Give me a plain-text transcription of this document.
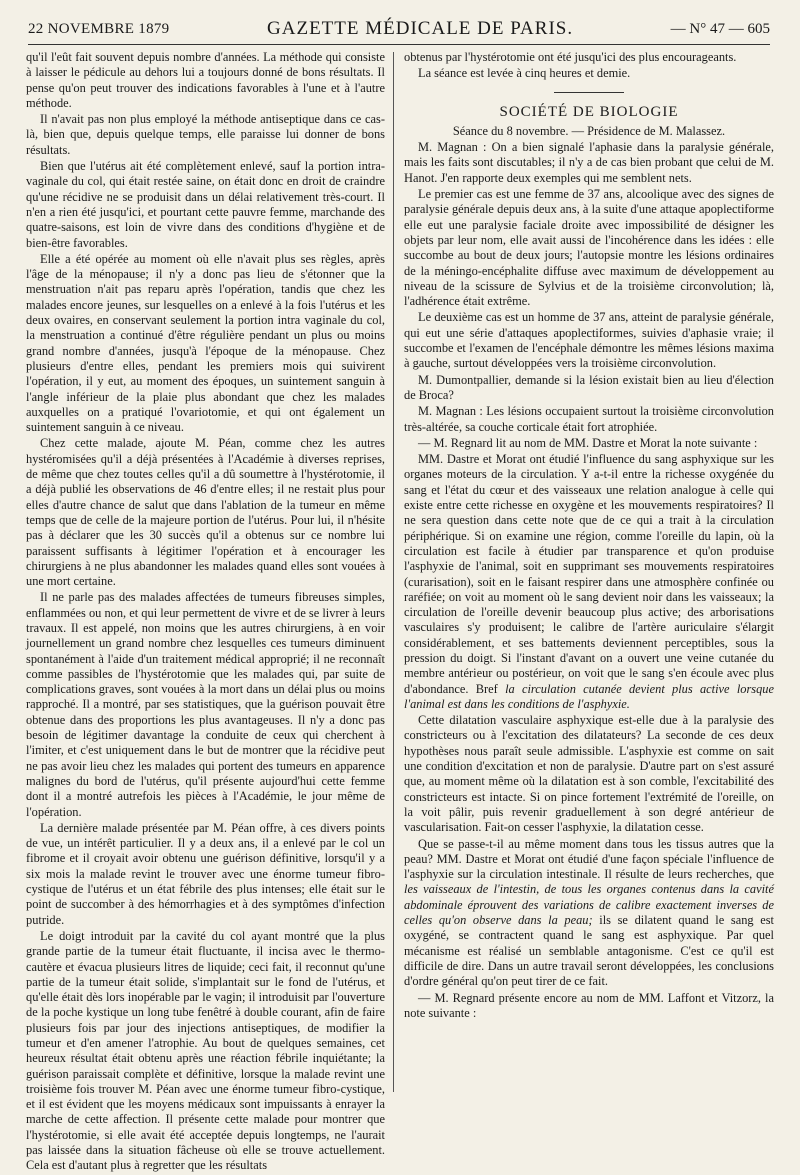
22 NOVEMBRE 1879	GAZETTE MÉDICALE DE PARIS.	— N° 47 — 605

qu'il l'eût fait souvent depuis nombre d'années. La méthode qui consiste à laisser le pédicule au dehors lui a toujours donné de bons résultats. Il pense qu'on peut trouver des indications favorables à l'une et à l'autre méthode.

Il n'avait pas non plus employé la méthode antiseptique dans ce cas-là, bien que, depuis quelque temps, elle paraisse lui donner de bons résultats.

Bien que l'utérus ait été complètement enlevé, sauf la portion intra-vaginale du col, qui était restée saine, on était donc en droit de craindre qu'une récidive ne se produisit dans un délai relativement très-court. Il n'en a rien été jusqu'ici, et pourtant cette pauvre femme, marchande des quatre-saisons, est loin de vivre dans des conditions d'hygiène et de bien-être favorables.

Elle a été opérée au moment où elle n'avait plus ses règles, après l'âge de la ménopause; il n'y a donc pas lieu de s'étonner que la menstruation n'ait pas reparu après l'opération, tandis que chez les malades encore jeunes, sur lesquelles on a enlevé à la fois l'utérus et les deux ovaires, en conservant seulement la portion intra vaginale du col, la menstruation a continué d'être régulière pendant un plus ou moins grand nombre d'années, jusqu'à l'époque de la ménopause. Chez plusieurs d'entre elles, pendant les premiers mois qui suivirent l'opération, il y eut, au moment des époques, un suintement sanguin à l'angle inférieur de la plaie plus abondant que chez les malades auxquelles on a pratiqué l'ovariotomie, et qui ont également un suintement sanguin à ce niveau.

Chez cette malade, ajoute M. Péan, comme chez les autres hystéromisées qu'il a déjà présentées à l'Académie à diverses reprises, de même que chez toutes celles qu'il a dû soumettre à l'hystérotomie, il a déjà publié les observations de 46 d'entre elles; il ne restait plus pour elles d'autre chance de salut que dans l'ablation de la tumeur en même temps que de celle de la majeure portion de l'utérus. Pour lui, il n'hésite pas à déclarer que les 30 succès qu'il a obtenus sur ce nombre lui paraissent suffisants à légitimer l'opération et à encourager les chirurgiens à ne plus abandonner les malades quand elles sont vouées à une mort certaine.

Il ne parle pas des malades affectées de tumeurs fibreuses simples, enflammées ou non, et qui leur permettent de vivre et de se livrer à leurs travaux. Il est appelé, non moins que les autres chirurgiens, à en voir journellement un grand nombre chez lesquelles ces tumeurs diminuent spontanément à l'aide d'un traitement médical approprié; il ne reconnaît comme passibles de l'hystérotomie que les malades qui, par suite de complications graves, sont vouées à la mort dans un délai plus ou moins rapproché. Il a montré, par ses statistiques, que la guérison pouvait être obtenue dans des proportions les plus avantageuses. Il n'y a donc pas besoin de légitimer davantage la conduite de ceux qui cherchent à l'imiter, et c'est uniquement dans le but de montrer que la récidive peut ne pas avoir lieu chez les malades qui portent des tumeurs en apparence malignes du bord de l'utérus, qu'il présente aujourd'hui cette femme dont il a montré autrefois les pièces à l'Académie, le jour même de l'opération.

La dernière malade présentée par M. Péan offre, à ces divers points de vue, un intérêt particulier. Il y a deux ans, il a enlevé par le col un fibrome et il croyait avoir obtenu une guérison définitive, lorsqu'il y a six mois la malade revint le trouver avec une énorme tumeur fibro-cystique de l'utérus et un état fébrile des plus intenses; elle était sur le point de succomber à des hémorrhagies et à des symptômes d'infection putride.

Le doigt introduit par la cavité du col ayant montré que la plus grande partie de la tumeur était fluctuante, il incisa avec le thermo-cautère et évacua plusieurs litres de liquide; ceci fait, il reconnut qu'une partie de la tumeur était solide, s'implantait sur le fond de l'utérus, et qu'elle était dès lors inopérable par le vagin; il introduisit par l'ouverture de la poche kystique un long tube fenêtré à double courant, afin de faire plusieurs fois par jour des injections antiseptiques, de modifier la tumeur et d'en amener l'atrophie. Au bout de quelques semaines, cet heureux résultat était obtenu après une réaction fébrile inquiétante; la guérison paraissait complète et définitive, lorsque la malade revint une troisième fois trouver M. Péan avec une énorme tumeur fibro-cystique, et il est évident que les moyens médicaux sont impuissants à enrayer la marche de cette affection. Il présente cette malade pour montrer que l'hystérotomie, si elle avait été acceptée depuis longtemps, ne l'aurait pas laissée dans la situation fâcheuse où elle se trouve actuellement. Cela est d'autant plus à regretter que les résultats

obtenus par l'hystérotomie ont été jusqu'ici des plus encourageants.

La séance est levée à cinq heures et demie.

SOCIÉTÉ DE BIOLOGIE

Séance du 8 novembre. — Présidence de M. Malassez.

M. Magnan : On a bien signalé l'aphasie dans la paralysie générale, mais les faits sont discutables; il n'y a de cas bien probant que celui de M. Hanot. J'en rapporte deux exemples qui me semblent nets.

Le premier cas est une femme de 37 ans, alcoolique avec des signes de paralysie générale depuis deux ans, à la suite d'une attaque apoplectiforme elle eut une paralysie faciale droite avec impossibilité de désigner les objets par leur nom, elle avait aussi de l'incohérence dans les idées : elle succombe au bout de deux jours; l'autopsie montre les lésions ordinaires de la méningo-encéphalite diffuse avec maximum de développement au niveau de la scissure de Sylvius et de la troisième circonvolution; là, l'adhérence était extrême.

Le deuxième cas est un homme de 37 ans, atteint de paralysie générale, qui eut une série d'attaques apoplectiformes, suivies d'aphasie vraie; il succombe et l'examen de l'encéphale démontre les mêmes lésions maxima à gauche, surtout développées vers la troisième circonvolution.

M. Dumontpallier, demande si la lésion existait bien au lieu d'élection de Broca?

M. Magnan : Les lésions occupaient surtout la troisième circonvolution très-altérée, sa couche corticale était fort atrophiée.

— M. Regnard lit au nom de MM. Dastre et Morat la note suivante :

MM. Dastre et Morat ont étudié l'influence du sang asphyxique sur les organes moteurs de la circulation. Y a-t-il entre la richesse oxygénée du sang et l'état du cœur et des vaisseaux une relation analogue à celle qui existe entre cette richesse en oxygène et les mouvements respiratoires? Il ne sera question dans cette note que de ce qui a trait à la circulation périphérique. Si on examine une région, comme l'oreille du lapin, où la circulation est facile à étudier par transparence et qu'on produise l'asphyxie de l'animal, soit en supprimant ses mouvements respiratoires (curarisation), soit en le faisant respirer dans une atmosphère confinée ou raréfiée; on voit au moment où le sang devient noir dans les vaisseaux; la circulation de l'oreille devenir beaucoup plus active; des arborisations vasculaires s'y produisent; le calibre de l'artère auriculaire s'élargit considérablement, et ses battements deviennent perceptibles, sous la pression du doigt. Si l'instant d'avant on a ouvert une veine cutanée du membre antérieur ou postérieur, on voit que le sang s'en écoule avec plus d'abondance. Bref la circulation cutanée devient plus active lorsque l'animal est dans les conditions de l'asphyxie.

Cette dilatation vasculaire asphyxique est-elle due à la paralysie des constricteurs ou à l'excitation des dilatateurs? La seconde de ces deux hypothèses nous paraît seule admissible. L'asphyxie est comme on sait une condition d'excitation et non de paralysie. D'autre part on s'est assuré que, au moment même où la dilatation est à son comble, l'excitabilité des constricteurs est intacte. Si on pince fortement l'extrémité de l'oreille, on la voit pâlir, puis revenir graduellement à son degré antérieur de vascularisation. Fait-on cesser l'asphyxie, la dilatation cesse.

Que se passe-t-il au même moment dans tous les tissus autres que la peau? MM. Dastre et Morat ont étudié d'une façon spéciale l'influence de l'asphyxie sur la circulation intestinale. Il résulte de leurs recherches, que les vaisseaux de l'intestin, de tous les organes contenus dans la cavité abdominale éprouvent des variations de calibre exactement inverses de celles qu'on observe dans la peau; ils se dilatent quand le sang est oxygéné, se contractent quand le sang est asphyxique. Par quel mécanisme est réalisé un semblable antagonisme. C'est ce qu'il est difficile de dire. Dans un autre travail seront développées, les conclusions d'ordre général qu'on peut tirer de ce fait.

— M. Regnard présente encore au nom de MM. Laffont et Vitzorz, la note suivante :
